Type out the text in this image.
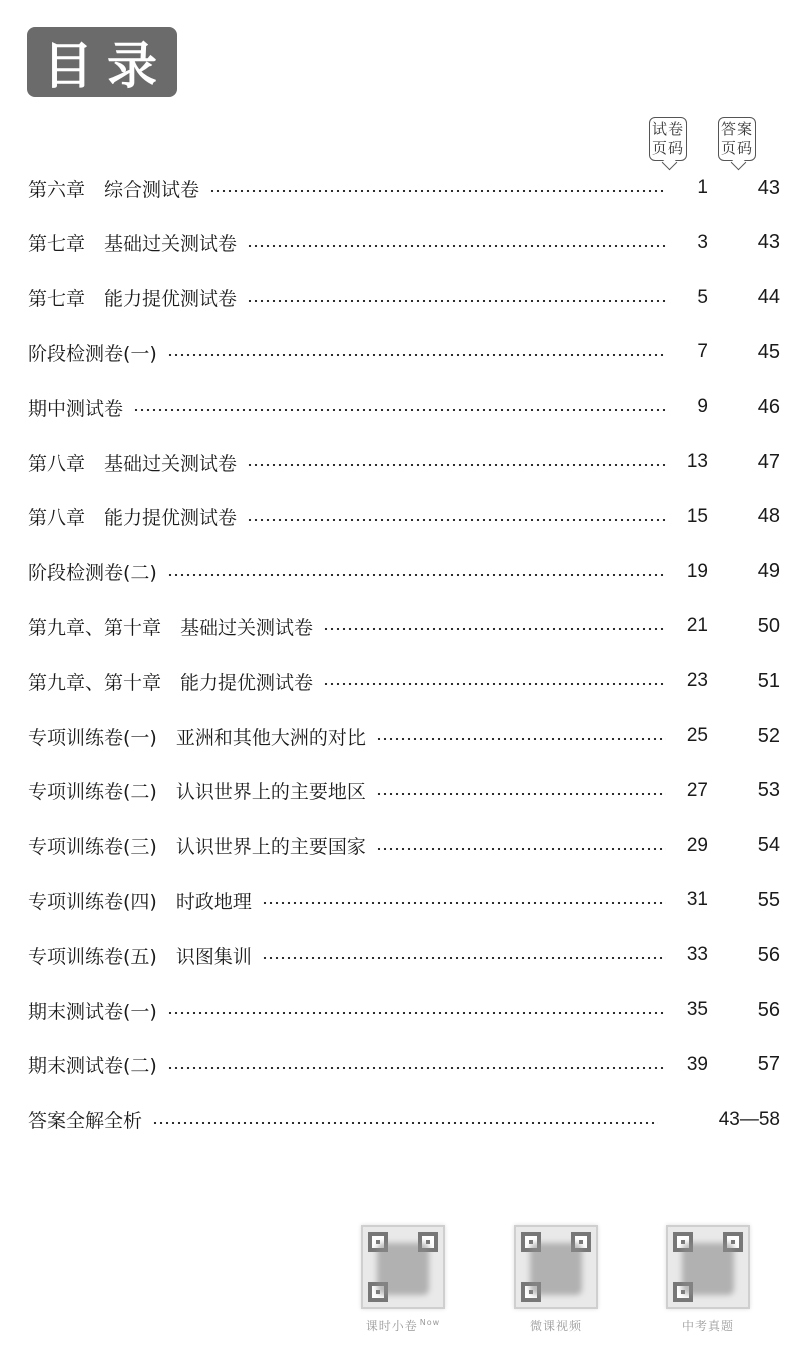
目录
试卷
页码
答案
页码
第六章　综合测试卷	1	43
第七章　基础过关测试卷	3	43
第七章　能力提优测试卷	5	44
阶段检测卷(一)	7	45
期中测试卷	9	46
第八章　基础过关测试卷	13	47
第八章　能力提优测试卷	15	48
阶段检测卷(二)	19	49
第九章、第十章　基础过关测试卷	21	50
第九章、第十章　能力提优测试卷	23	51
专项训练卷(一)　亚洲和其他大洲的对比	25	52
专项训练卷(二)　认识世界上的主要地区	27	53
专项训练卷(三)　认识世界上的主要国家	29	54
专项训练卷(四)　时政地理	31	55
专项训练卷(五)　识图集训	33	56
期末测试卷(一)	35	56
期末测试卷(二)	39	57
答案全解全析	43—58
课时小卷 $^{Now}$	微课视频	中考真题
